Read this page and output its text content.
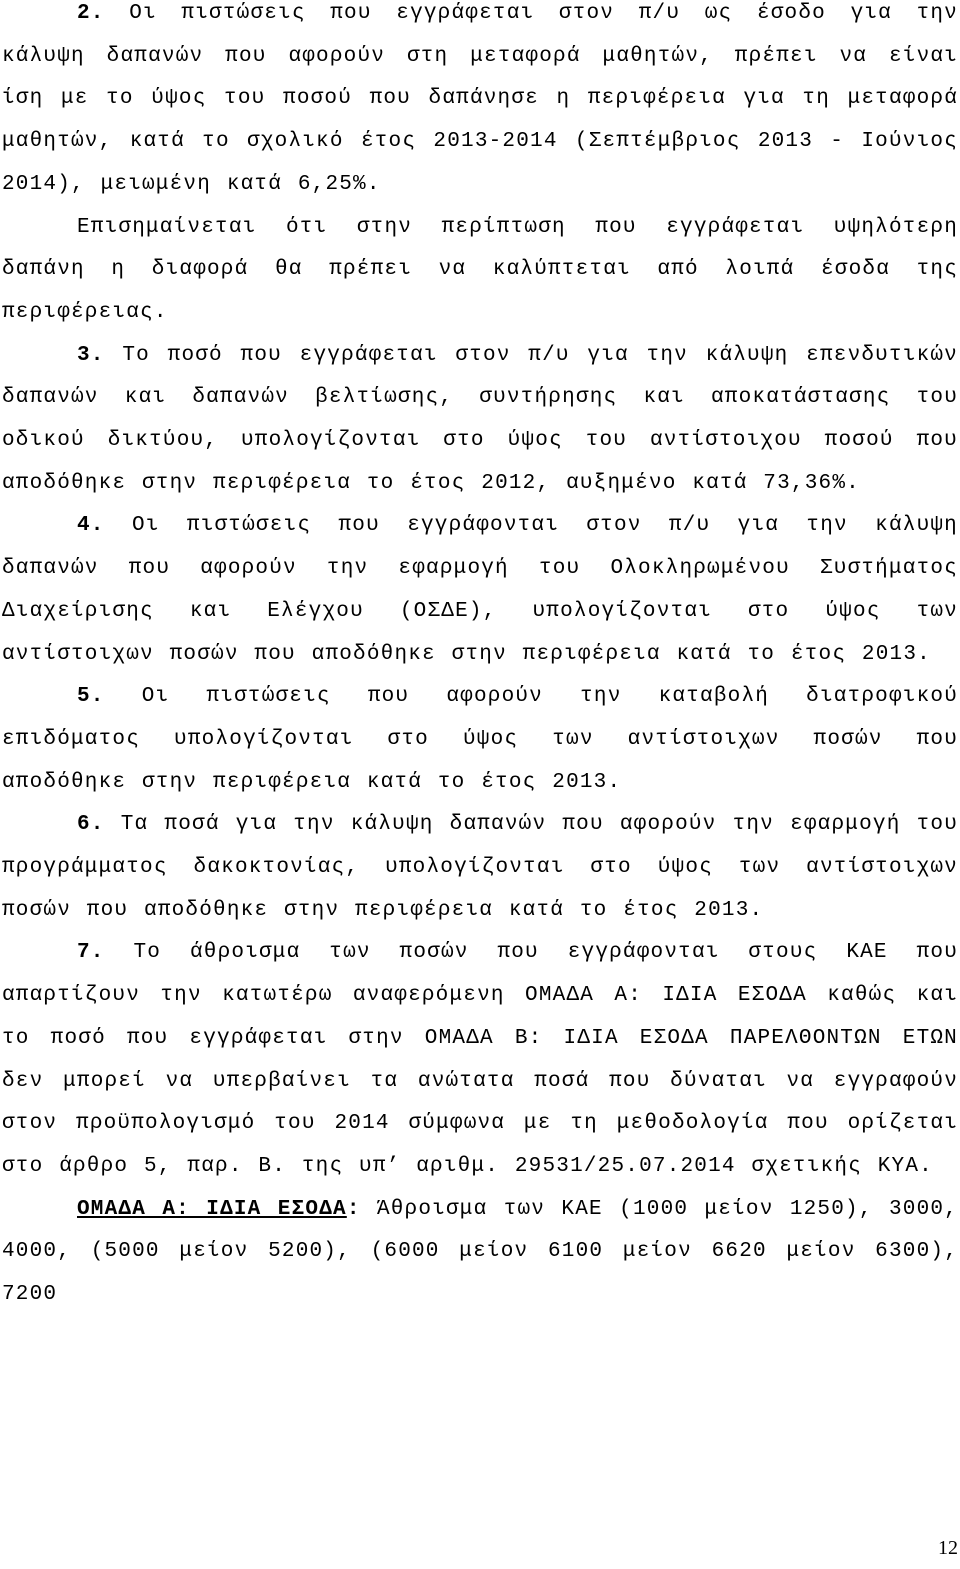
2. Οι πιστώσεις που εγγράφεται στον π/υ ως έσοδο για την κάλυψη δαπανών που αφορούν στη μεταφορά μαθητών, πρέπει να είναι ίση με το ύψος του ποσού που δαπάνησε η περιφέρεια για τη μεταφορά μαθητών, κατά το σχολικό έτος 2013-2014 (Σεπτέμβριος 2013 - Ιούνιος 2014), μειωμένη κατά 6,25%.

Επισημαίνεται ότι στην περίπτωση που εγγράφεται υψηλότερη δαπάνη η διαφορά θα πρέπει να καλύπτεται από λοιπά έσοδα της περιφέρειας.

3. Το ποσό που εγγράφεται στον π/υ για την κάλυψη επενδυτικών δαπανών και δαπανών βελτίωσης, συντήρησης και αποκατάστασης του οδικού δικτύου, υπολογίζονται στο ύψος του αντίστοιχου ποσού που αποδόθηκε στην περιφέρεια το έτος 2012, αυξημένο κατά 73,36%.

4. Οι πιστώσεις που εγγράφονται στον π/υ για την κάλυψη δαπανών που αφορούν την εφαρμογή του Ολοκληρωμένου Συστήματος Διαχείρισης και Ελέγχου (ΟΣΔΕ), υπολογίζονται στο ύψος των αντίστοιχων ποσών που αποδόθηκε στην περιφέρεια κατά το έτος 2013.

5. Οι πιστώσεις που αφορούν την καταβολή διατροφικού επιδόματος υπολογίζονται στο ύψος των αντίστοιχων ποσών που αποδόθηκε στην περιφέρεια κατά το έτος 2013.

6. Τα ποσά για την κάλυψη δαπανών που αφορούν την εφαρμογή του προγράμματος δακοκτονίας, υπολογίζονται στο ύψος των αντίστοιχων ποσών που αποδόθηκε στην περιφέρεια κατά το έτος 2013.

7. Το άθροισμα των ποσών που εγγράφονται στους ΚΑΕ που απαρτίζουν την κατωτέρω αναφερόμενη ΟΜΑΔΑ Α: ΙΔΙΑ ΕΣΟΔΑ καθώς και το ποσό που εγγράφεται στην ΟΜΑΔΑ Β: ΙΔΙΑ ΕΣΟΔΑ ΠΑΡΕΛΘΟΝΤΩΝ ΕΤΩΝ δεν μπορεί να υπερβαίνει τα ανώτατα ποσά που δύναται να εγγραφούν στον προϋπολογισμό του 2014 σύμφωνα με τη μεθοδολογία που ορίζεται στο άρθρο 5, παρ. Β. της υπ’ αριθμ. 29531/25.07.2014 σχετικής ΚΥΑ.

ΟΜΑΔΑ Α: ΙΔΙΑ ΕΣΟΔΑ: Άθροισμα των ΚΑΕ (1000 μείον 1250), 3000, 4000, (5000 μείον 5200), (6000 μείον 6100 μείον 6620 μείον 6300), 7200

12
